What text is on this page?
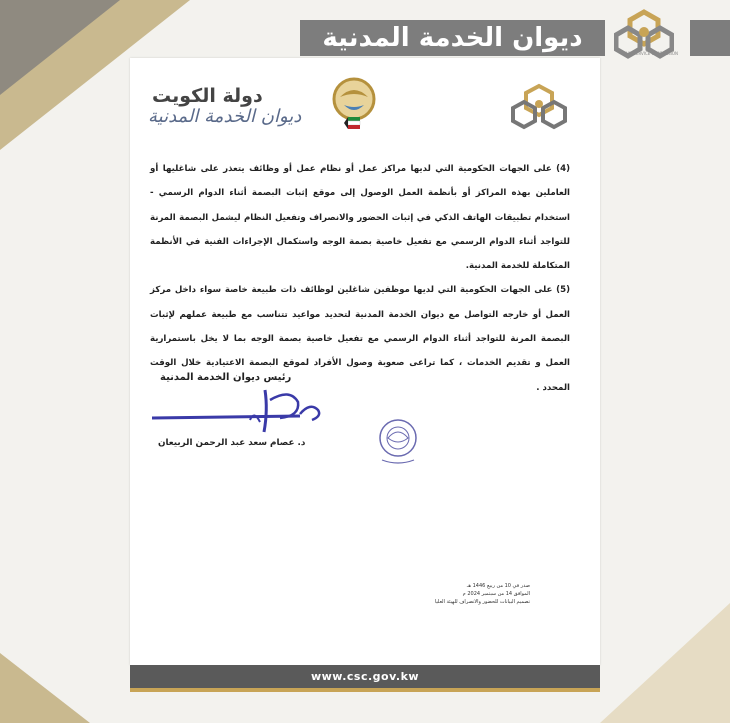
ديوان الخدمة المدنية
CIVIL SERVICE COMMISSION
دولة الكويت
ديوان الخدمة المدنية

(4) على الجهات الحكومية التي لديها مراكز عمل أو نظام عمل أو وظائف يتعذر على شاغليها أو العاملين بهذه المراكز أو بأنظمة العمل الوصول إلى موقع إثبات البصمة أثناء الدوام الرسمي - استخدام تطبيقات الهاتف الذكي في إثبات الحضور والانصراف وتفعيل النظام ليشمل البصمة المرنة للتواجد أثناء الدوام الرسمي مع تفعيل خاصية بصمة الوجه واستكمال الإجراءات الفنية في الأنظمة المتكاملة للخدمة المدنية.

(5) على الجهات الحكومية التي لديها موظفين شاغلين لوظائف ذات طبيعة خاصة سواء داخل مركز العمل أو خارجه التواصل مع ديوان الخدمة المدنية لتحديد مواعيد تتناسب مع طبيعة عملهم لإثبات البصمة المرنة للتواجد أثناء الدوام الرسمي مع تفعيل خاصية بصمة الوجه بما لا يخل باستمرارية العمل و تقديم الخدمات ، كما تراعى صعوبة وصول الأفراد لموقع البصمة الاعتيادية خلال الوقت المحدد .

رئيس ديوان الخدمة المدنية
د. عصام سعد عبد الرحمن الربيعان
صدر في 10 من ربيع 1446 هـ
الموافق 14 من سبتمبر 2024 م
تصميم البيانات للحضور والانصراف للهيئة العليا
www.csc.gov.kw
